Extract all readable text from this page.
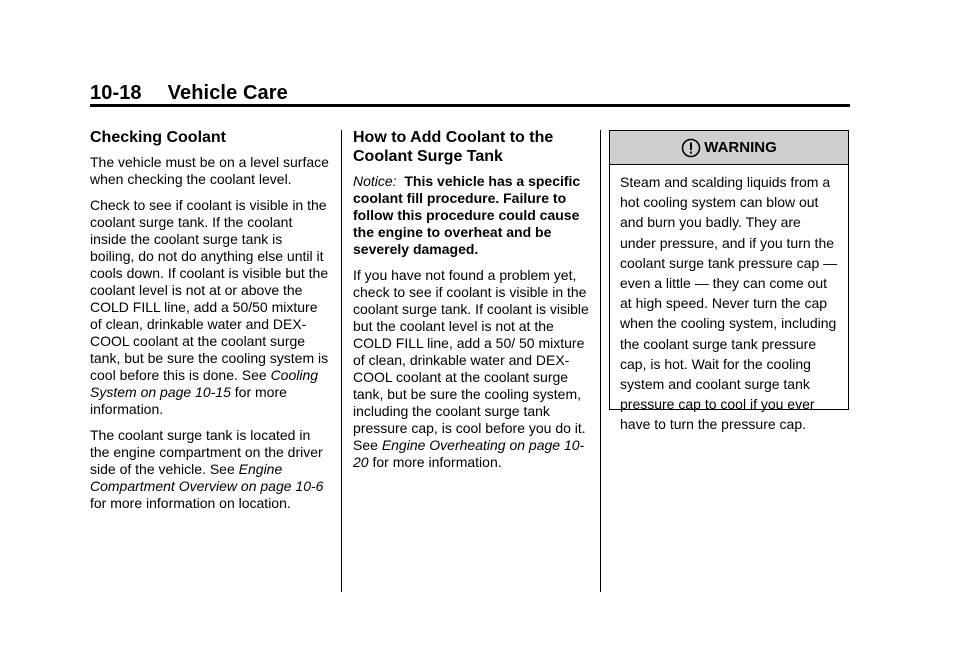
10-18 Vehicle Care
Checking Coolant

The vehicle must be on a level surface when checking the coolant level.

Check to see if coolant is visible in the coolant surge tank. If the coolant inside the coolant surge tank is boiling, do not do anything else until it cools down. If coolant is visible but the coolant level is not at or above the COLD FILL line, add a 50/50 mixture of clean, drinkable water and DEX-COOL coolant at the coolant surge tank, but be sure the cooling system is cool before this is done. See Cooling System on page 10-15 for more information.

The coolant surge tank is located in the engine compartment on the driver side of the vehicle. See Engine Compartment Overview on page 10-6 for more information on location.

How to Add Coolant to the Coolant Surge Tank

Notice: This vehicle has a specific coolant fill procedure. Failure to follow this procedure could cause the engine to overheat and be severely damaged.

If you have not found a problem yet, check to see if coolant is visible in the coolant surge tank. If coolant is visible but the coolant level is not at the COLD FILL line, add a 50/ 50 mixture of clean, drinkable water and DEX-COOL coolant at the coolant surge tank, but be sure the cooling system, including the coolant surge tank pressure cap, is cool before you do it. See Engine Overheating on page 10-20 for more information.

WARNING
Steam and scalding liquids from a hot cooling system can blow out and burn you badly. They are under pressure, and if you turn the coolant surge tank pressure cap — even a little — they can come out at high speed. Never turn the cap when the cooling system, including the coolant surge tank pressure cap, is hot. Wait for the cooling system and coolant surge tank pressure cap to cool if you ever have to turn the pressure cap.
